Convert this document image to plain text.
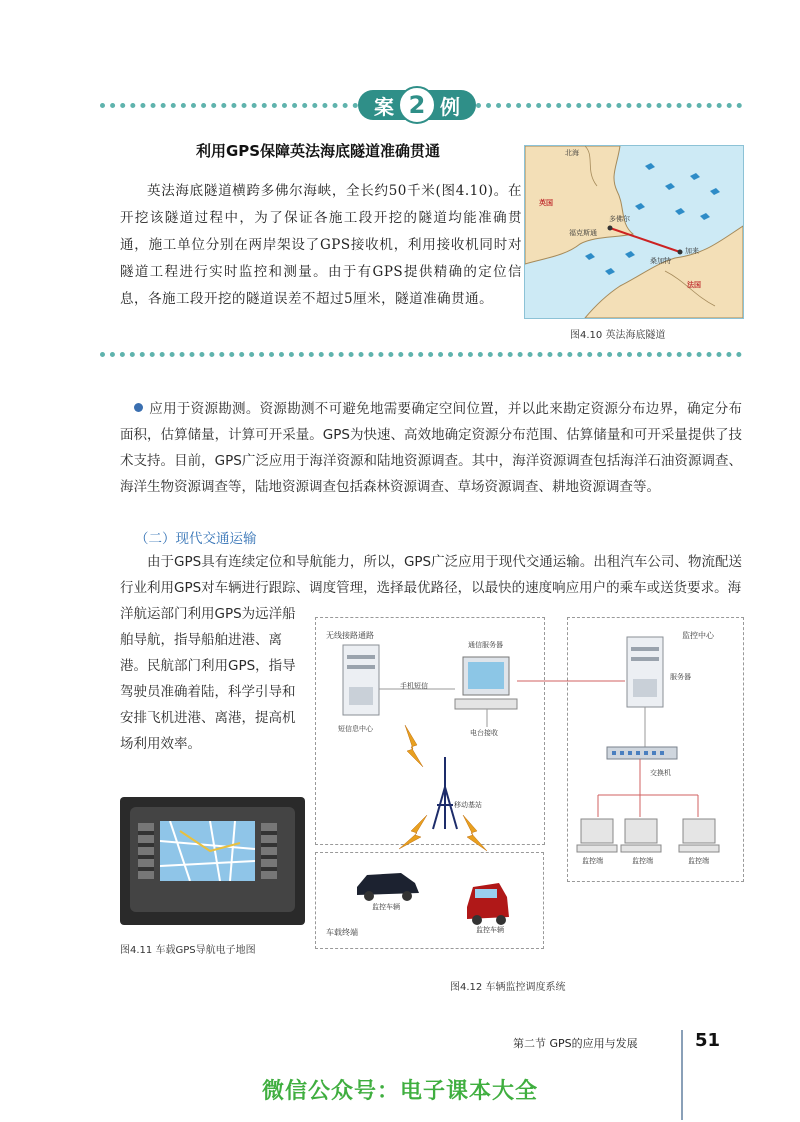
案 2 例
利用GPS保障英法海底隧道准确贯通
英法海底隧道横跨多佛尔海峡，全长约50千米(图4.10)。在开挖该隧道过程中，为了保证各施工段开挖的隧道均能准确贯通，施工单位分别在两岸架设了GPS接收机，利用接收机同时对隧道工程进行实时监控和测量。由于有GPS提供精确的定位信息，各施工段开挖的隧道误差不超过5厘米，隧道准确贯通。
北海
英国
法国
多佛尔
福克斯通
加来
桑加特
图4.10 英法海底隧道
应用于资源勘测。资源勘测不可避免地需要确定空间位置，并以此来勘定资源分布边界，确定分布面积，估算储量，计算可开采量。GPS为快速、高效地确定资源分布范围、估算储量和可开采量提供了技术支持。目前，GPS广泛应用于海洋资源和陆地资源调查。其中，海洋资源调查包括海洋石油资源调查、海洋生物资源调查等，陆地资源调查包括森林资源调查、草场资源调查、耕地资源调查等。
（二）现代交通运输
由于GPS具有连续定位和导航能力，所以，GPS广泛应用于现代交通运输。出租汽车公司、物流配送行业利用GPS对车辆进行跟踪、调度管理，选择最优路径，以最快的速度响应用户的乘车或送货要求。海
洋航运部门利用GPS为远洋船舶导航，指导船舶进港、离港。民航部门利用GPS，指导驾驶员准确着陆，科学引导和安排飞机进港、离港，提高机场利用效率。
图4.11 车载GPS导航电子地图
无线接路通路	监控中心
车载终端
通信服务器
手机短信
短信息中心	电台接收
移动基站
服务器
交换机
监控端	监控端	监控端
监控车辆
监控车辆
图4.12 车辆监控调度系统
第二节 GPS的应用与发展	51
微信公众号：电子课本大全
